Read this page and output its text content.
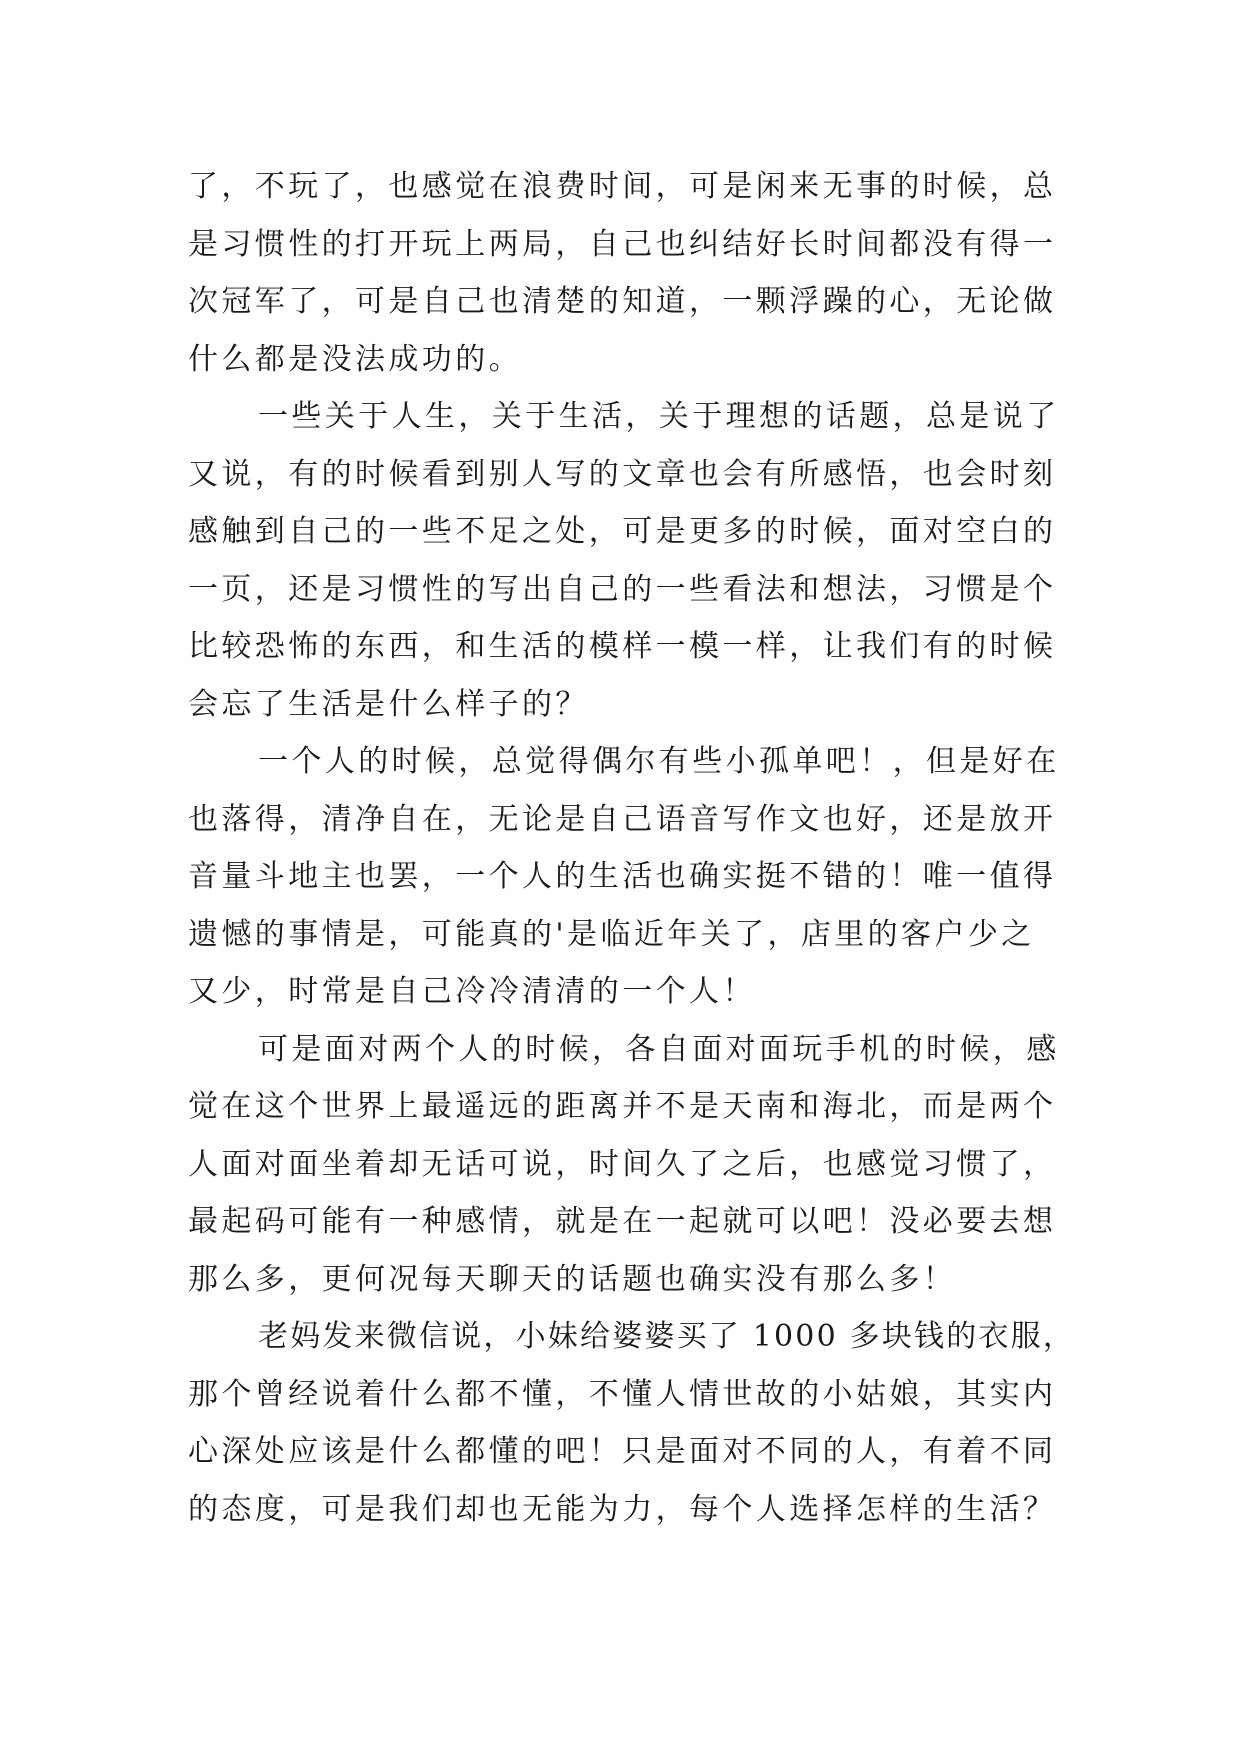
了，不玩了，也感觉在浪费时间，可是闲来无事的时候，总
是习惯性的打开玩上两局，自己也纠结好长时间都没有得一
次冠军了，可是自己也清楚的知道，一颗浮躁的心，无论做
什么都是没法成功的。
一些关于人生，关于生活，关于理想的话题，总是说了
又说，有的时候看到别人写的文章也会有所感悟，也会时刻
感触到自己的一些不足之处，可是更多的时候，面对空白的
一页，还是习惯性的写出自己的一些看法和想法，习惯是个
比较恐怖的东西，和生活的模样一模一样，让我们有的时候
会忘了生活是什么样子的？
一个人的时候，总觉得偶尔有些小孤单吧！，但是好在
也落得，清净自在，无论是自己语音写作文也好，还是放开
音量斗地主也罢，一个人的生活也确实挺不错的！唯一值得
遗憾的事情是，可能真的'是临近年关了，店里的客户少之
又少，时常是自己冷冷清清的一个人！
可是面对两个人的时候，各自面对面玩手机的时候，感
觉在这个世界上最遥远的距离并不是天南和海北，而是两个
人面对面坐着却无话可说，时间久了之后，也感觉习惯了，
最起码可能有一种感情，就是在一起就可以吧！没必要去想
那么多，更何况每天聊天的话题也确实没有那么多！
老妈发来微信说，小妹给婆婆买了 1000 多块钱的衣服，
那个曾经说着什么都不懂，不懂人情世故的小姑娘，其实内
心深处应该是什么都懂的吧！只是面对不同的人，有着不同
的态度，可是我们却也无能为力，每个人选择怎样的生活？
